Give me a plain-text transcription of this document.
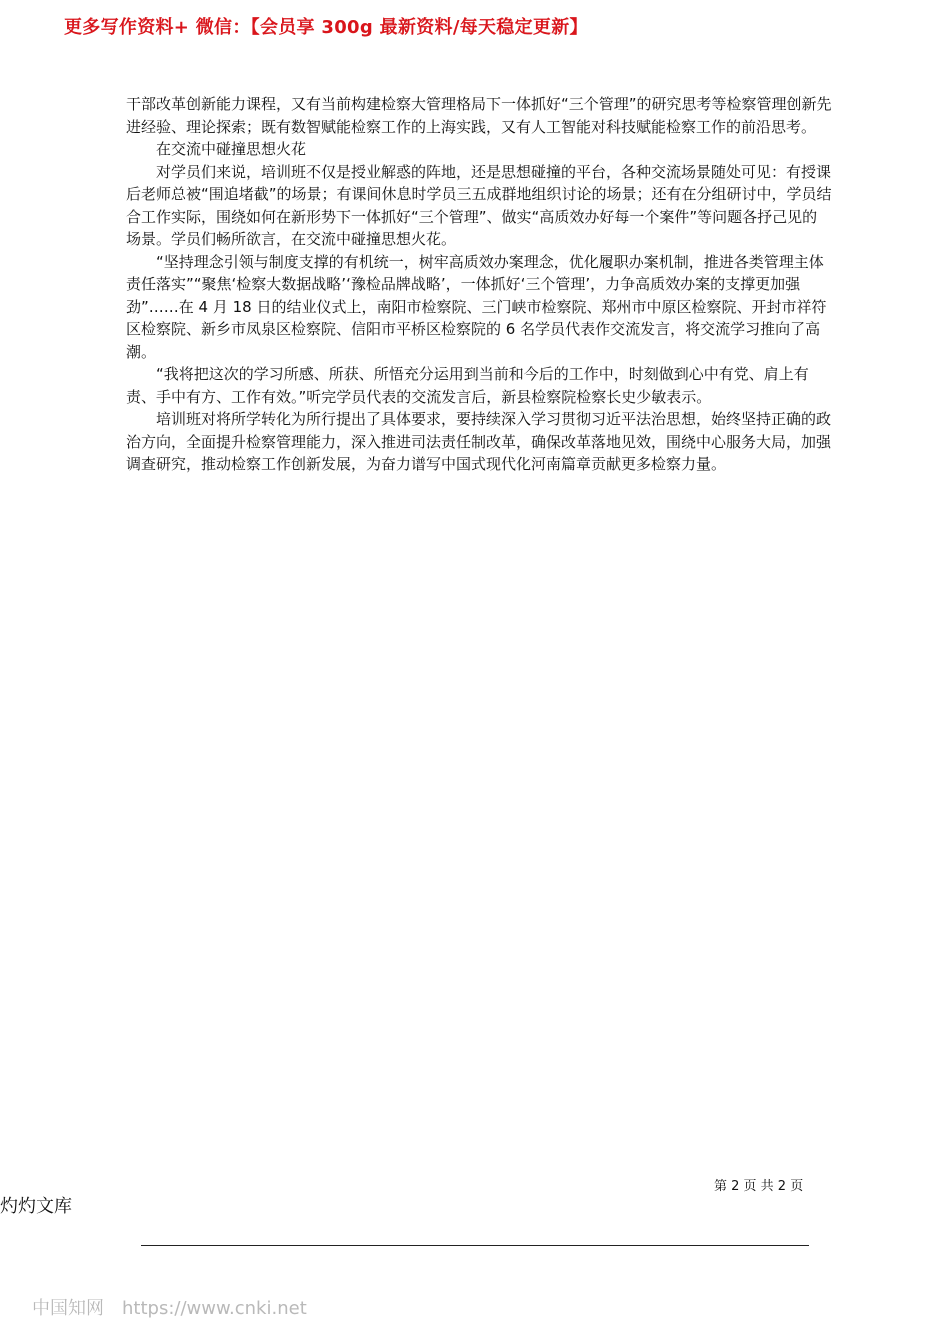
更多写作资料+ 微信：【会员享 300g 最新资料/每天稳定更新】

干部改革创新能力课程，又有当前构建检察大管理格局下一体抓好“三个管理”的研究思考等检察管理创新先进经验、理论探索；既有数智赋能检察工作的上海实践，又有人工智能对科技赋能检察工作的前沿思考。

在交流中碰撞思想火花

对学员们来说，培训班不仅是授业解惑的阵地，还是思想碰撞的平台，各种交流场景随处可见：有授课后老师总被“围追堵截”的场景；有课间休息时学员三五成群地组织讨论的场景；还有在分组研讨中，学员结合工作实际，围绕如何在新形势下一体抓好“三个管理”、做实“高质效办好每一个案件”等问题各抒己见的场景。学员们畅所欲言，在交流中碰撞思想火花。

“坚持理念引领与制度支撑的有机统一，树牢高质效办案理念，优化履职办案机制，推进各类管理主体责任落实”“聚焦‘检察大数据战略’‘豫检品牌战略’，一体抓好‘三个管理’，力争高质效办案的支撑更加强劲”……在 4 月 18 日的结业仪式上，南阳市检察院、三门峡市检察院、郑州市中原区检察院、开封市祥符区检察院、新乡市凤泉区检察院、信阳市平桥区检察院的 6 名学员代表作交流发言，将交流学习推向了高潮。

“我将把这次的学习所感、所获、所悟充分运用到当前和今后的工作中，时刻做到心中有党、肩上有责、手中有方、工作有效。”听完学员代表的交流发言后，新县检察院检察长史少敏表示。

培训班对将所学转化为所行提出了具体要求，要持续深入学习贯彻习近平法治思想，始终坚持正确的政治方向，全面提升检察管理能力，深入推进司法责任制改革，确保改革落地见效，围绕中心服务大局，加强调查研究，推动检察工作创新发展，为奋力谱写中国式现代化河南篇章贡献更多检察力量。

第 2 页 共 2 页
灼灼文库
中国知网 https://www.cnki.net
